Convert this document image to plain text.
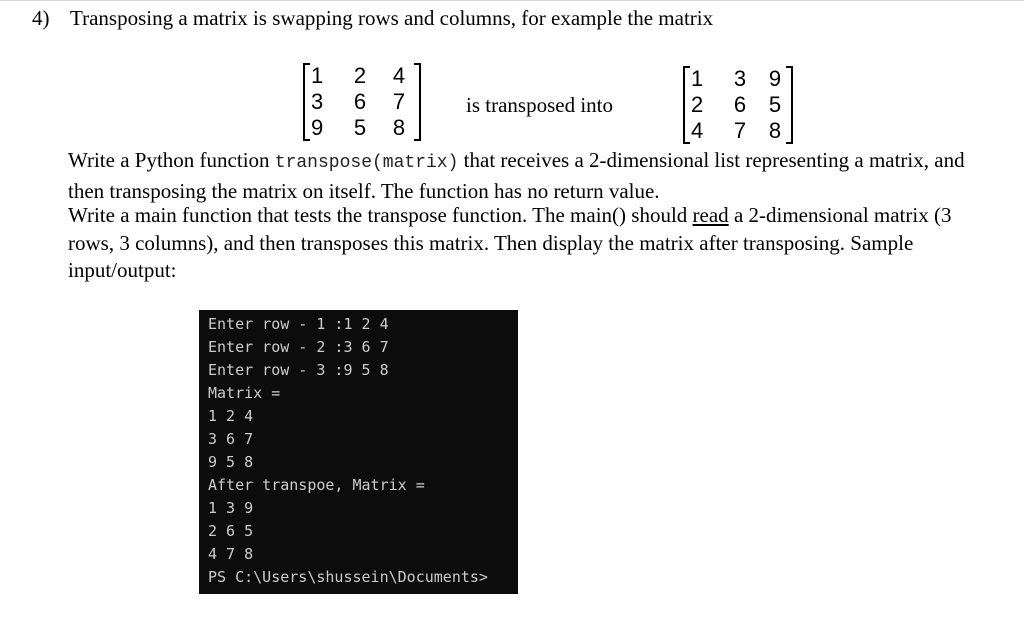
4) Transposing a matrix is swapping rows and columns, for example the matrix
1	2	4
3	6	7
9	5	8
is transposed into
1	3	9
2	6	5
4	7	8
Write a Python function transpose(matrix) that receives a 2-dimensional list representing a matrix, and then transposing the matrix on itself. The function has no return value.
Write a main function that tests the transpose function. The main() should read a 2-dimensional matrix (3 rows, 3 columns), and then transposes this matrix. Then display the matrix after transposing. Sample input/output:
Enter row - 1 :1 2 4
Enter row - 2 :3 6 7
Enter row - 3 :9 5 8
Matrix =
1 2 4
3 6 7
9 5 8
After transpoe, Matrix =
1 3 9
2 6 5
4 7 8
PS C:\Users\shussein\Documents>
